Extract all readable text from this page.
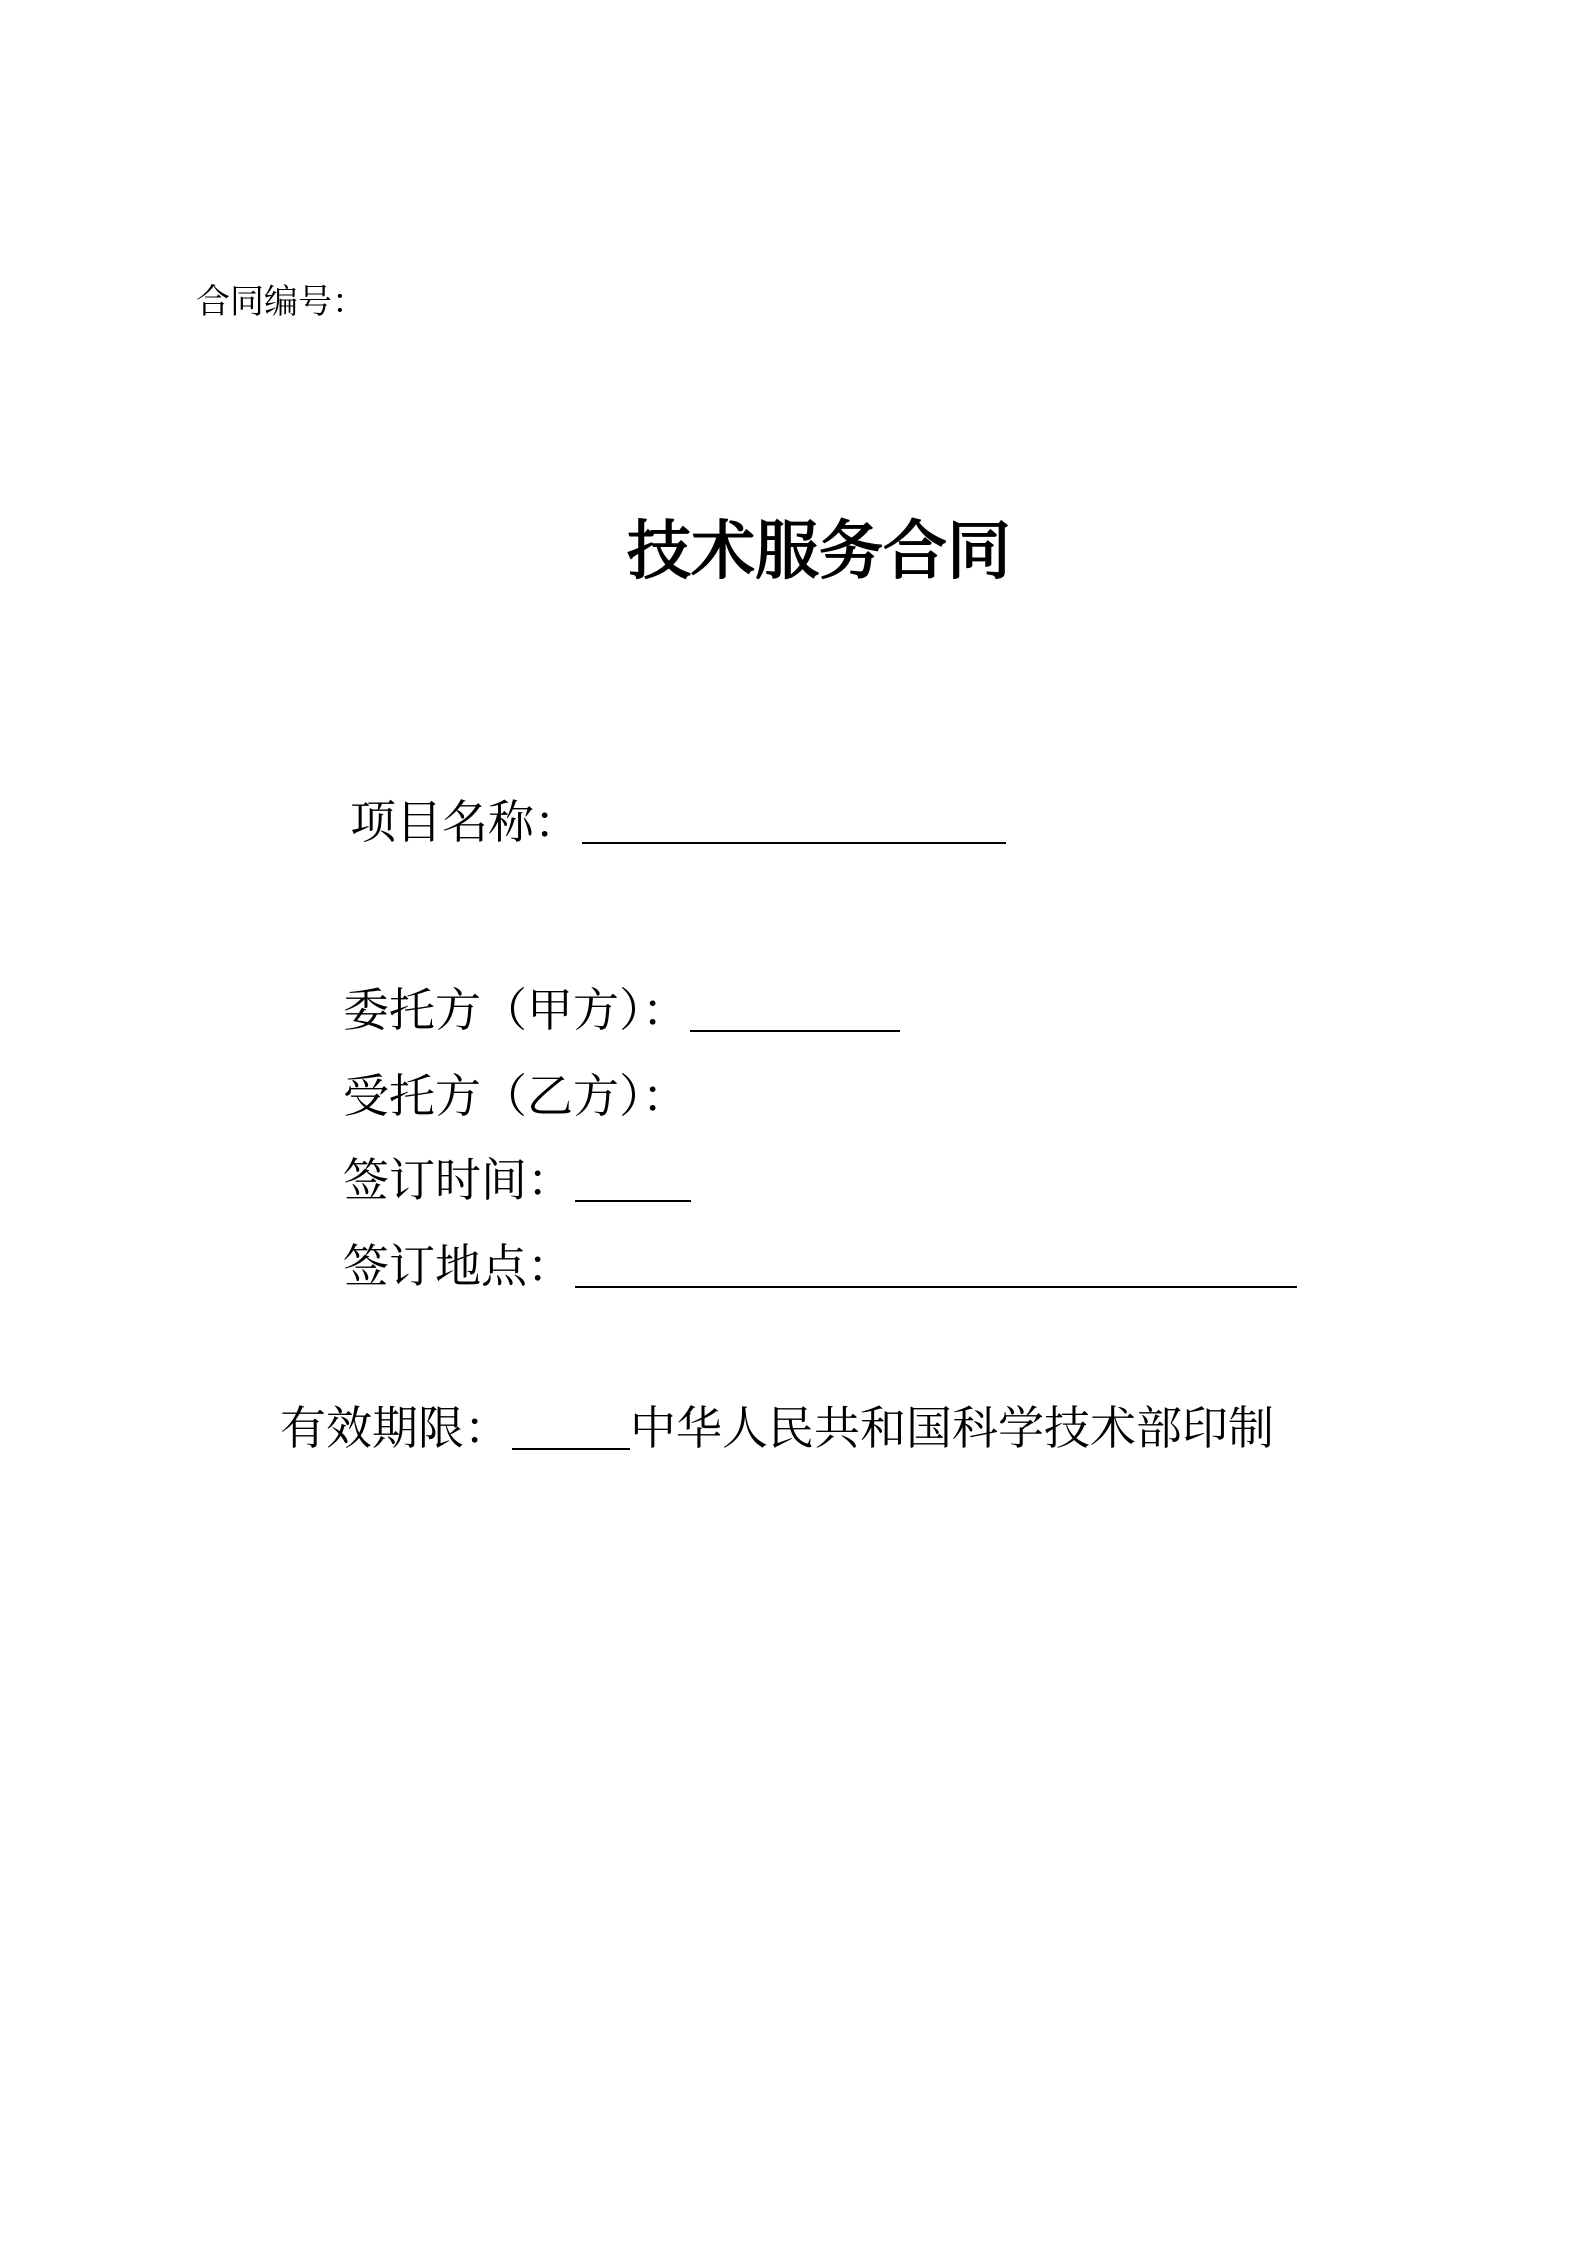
合同编号：
技术服务合同
项目名称：
委托方（甲方）：
受托方（乙方）：
签订时间：
签订地点：
有效期限：	中华人民共和国科学技术部印制
